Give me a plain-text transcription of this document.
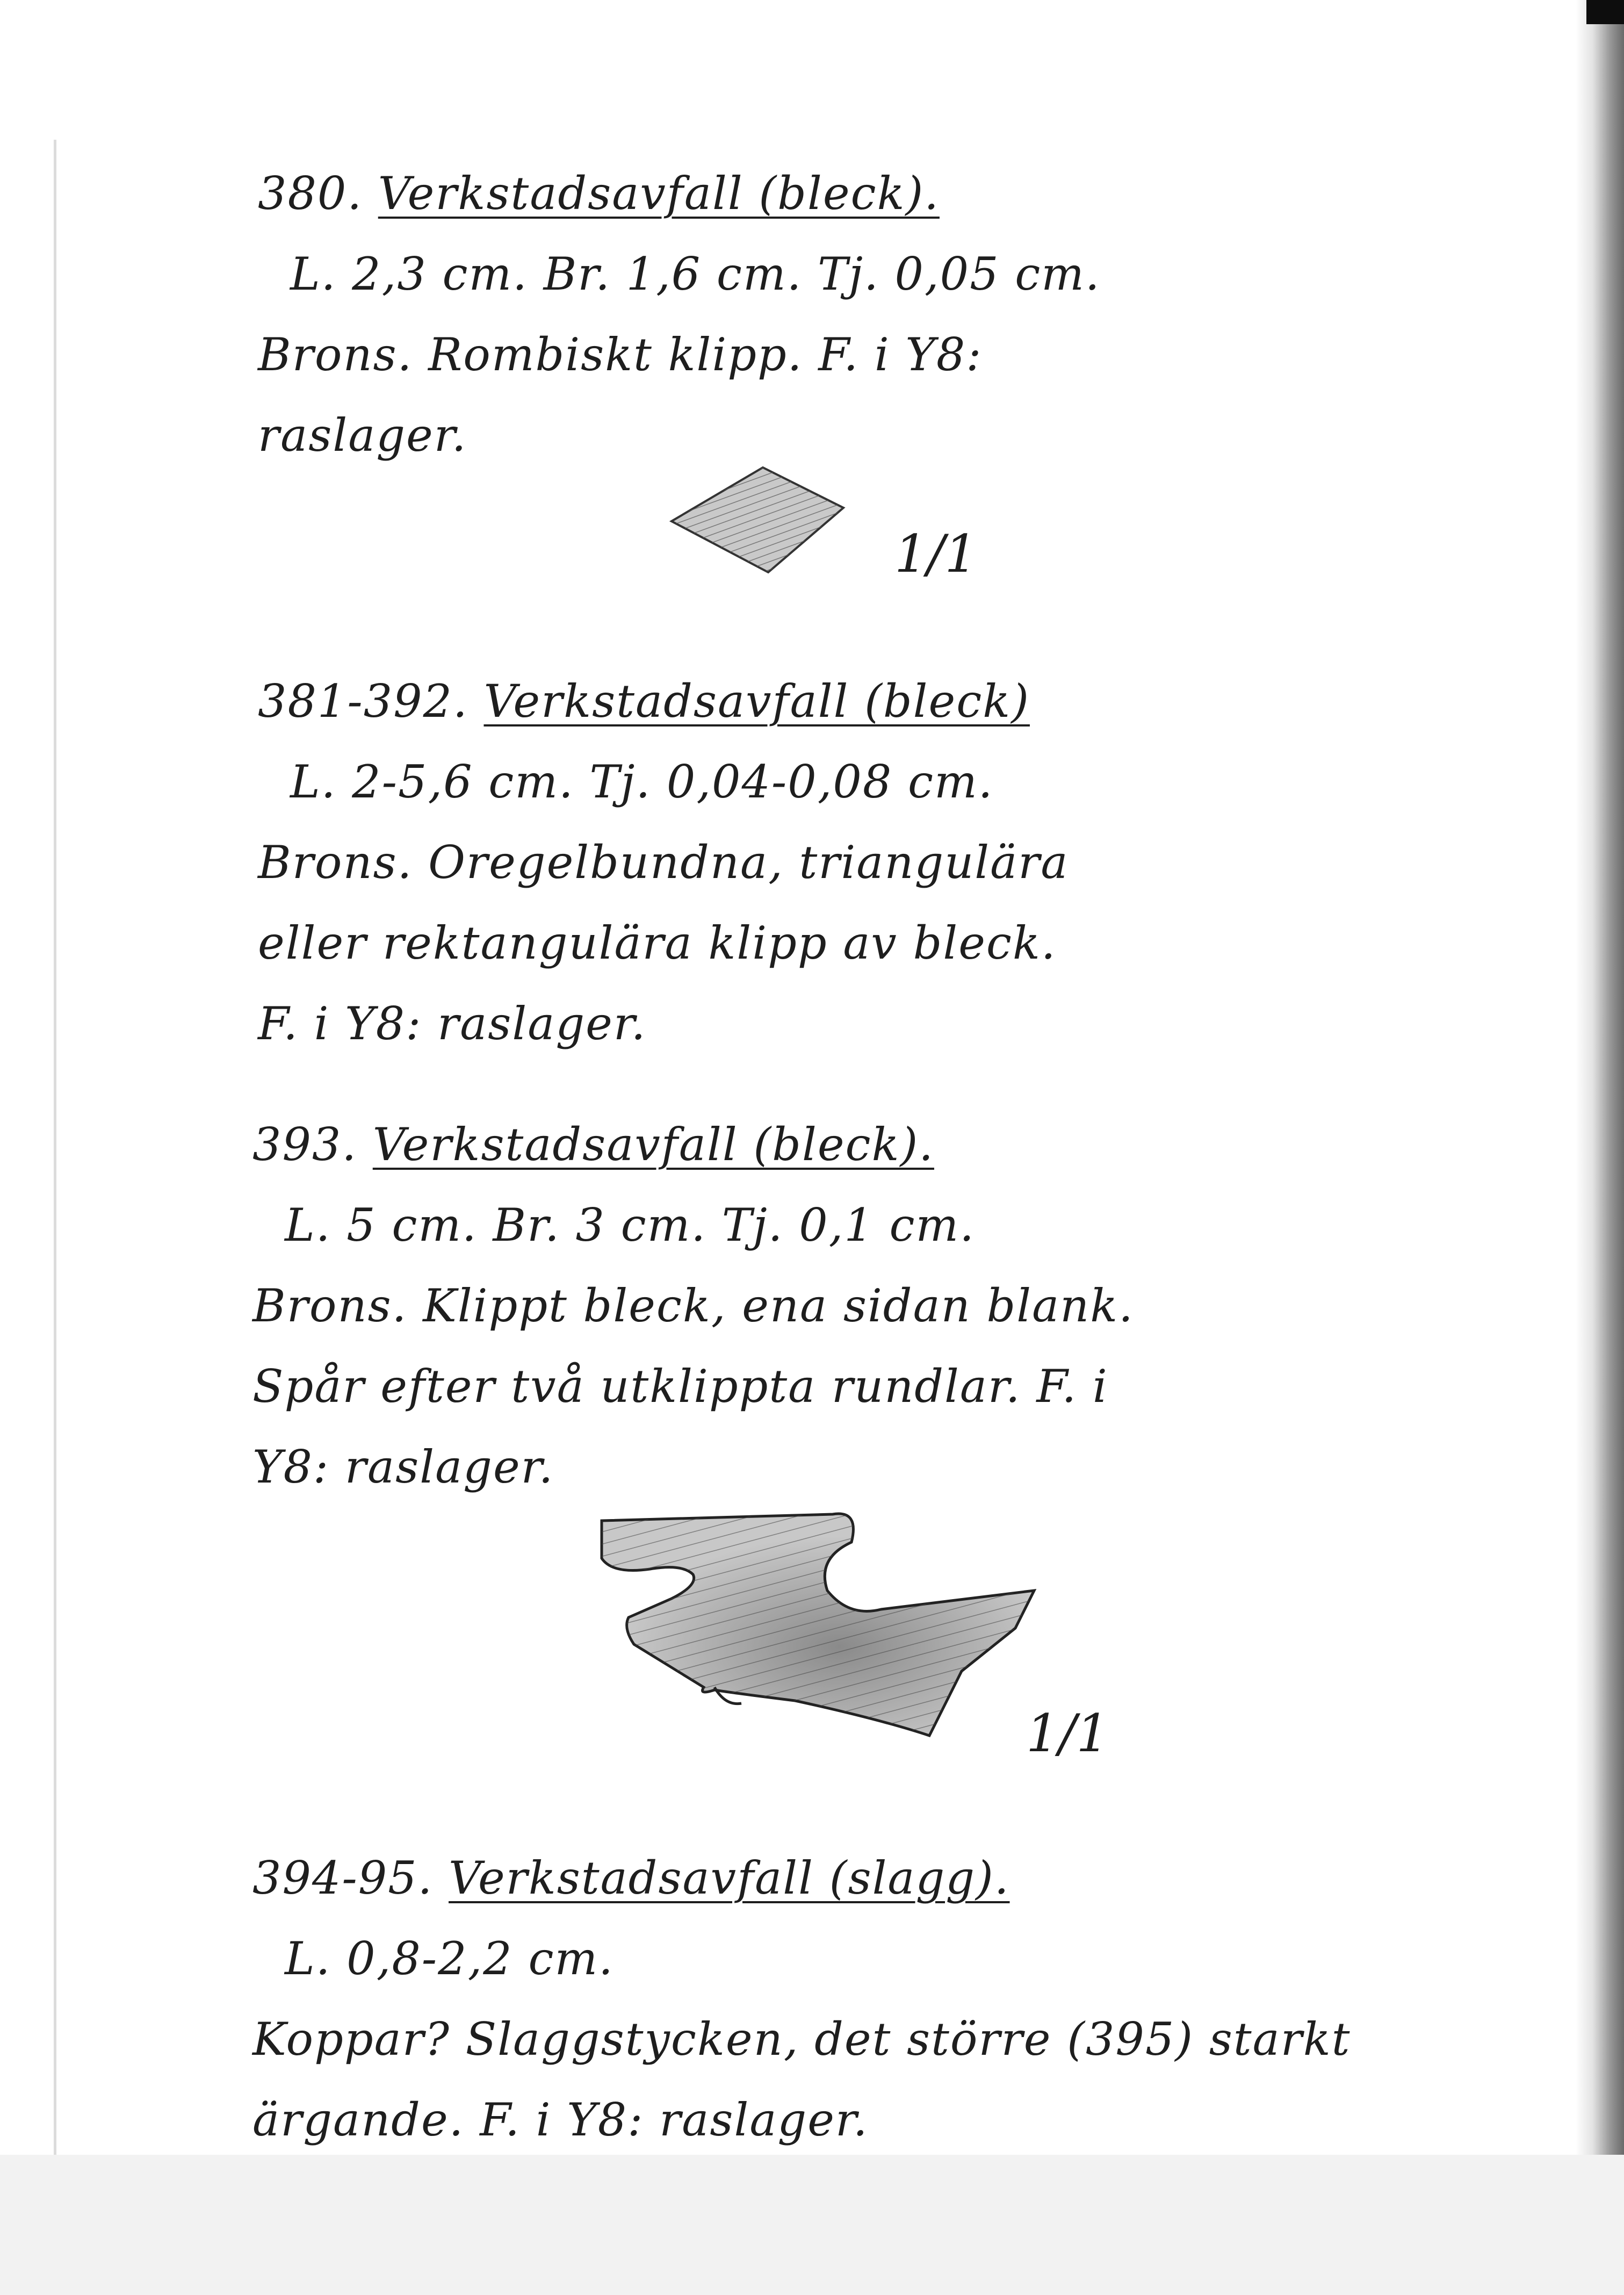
380. Verkstadsavfall (bleck).
L. 2,3 cm. Br. 1,6 cm. Tj. 0,05 cm.
Brons. Rombiskt klipp. F. i Y8:
raslager.
1/1
381-392. Verkstadsavfall (bleck)
L. 2-5,6 cm. Tj. 0,04-0,08 cm.
Brons. Oregelbundna, triangulära
eller rektangulära klipp av bleck.
F. i Y8: raslager.
393. Verkstadsavfall (bleck).
L. 5 cm. Br. 3 cm. Tj. 0,1 cm.
Brons. Klippt bleck, ena sidan blank.
Spår efter två utklippta rundlar. F. i
Y8: raslager.
1/1
394-95. Verkstadsavfall (slagg).
L. 0,8-2,2 cm.
Koppar? Slaggstycken, det större (395) starkt
ärgande. F. i Y8: raslager.
